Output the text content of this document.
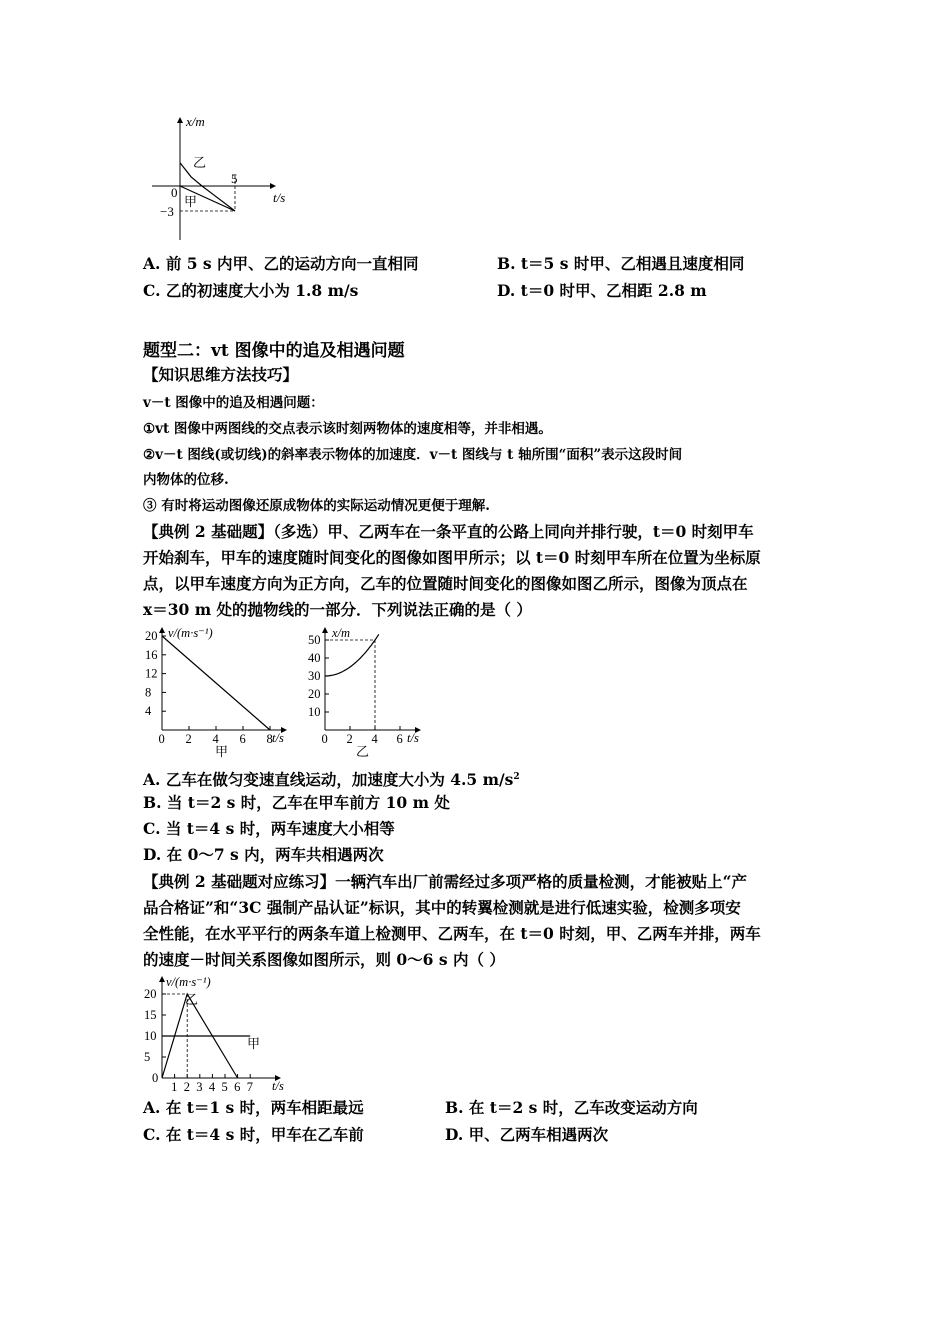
x/m
t/s
乙
甲
0
5
−3
A. 前 5 s 内甲、乙的运动方向一直相同	B. t＝5 s 时甲、乙相遇且速度相同
C. 乙的初速度大小为 1.8 m/s	D. t＝0 时甲、乙相距 2.8 m
题型二：vt 图像中的追及相遇问题
【知识思维方法技巧】
v－t 图像中的追及相遇问题：
①vt 图像中两图线的交点表示该时刻两物体的速度相等，并非相遇。
②v－t 图线(或切线)的斜率表示物体的加速度．v－t 图线与 t 轴所围“面积”表示这段时间
内物体的位移.
③ 有时将运动图像还原成物体的实际运动情况更便于理解.
【典例 2 基础题】（多选）甲、乙两车在一条平直的公路上同向并排行驶，t＝0 时刻甲车
开始刹车，甲车的速度随时间变化的图像如图甲所示；以 t＝0 时刻甲车所在位置为坐标原
点，以甲车速度方向为正方向，乙车的位置随时间变化的图像如图乙所示，图像为顶点在
x＝30 m 处的抛物线的一部分．下列说法正确的是（ ）
v/(m·s⁻¹)
t/s
甲
20
16
12
8
4
0 2 4 6 8
x/m
t/s
乙
50
40
30
20
10
0 2 4 6
A. 乙车在做匀变速直线运动，加速度大小为 4.5 $m/s^2$
B. 当 t＝2 s 时，乙车在甲车前方 10 m 处
C. 当 t＝4 s 时，两车速度大小相等
D. 在 0～7 s 内，两车共相遇两次
【典例 2 基础题对应练习】一辆汽车出厂前需经过多项严格的质量检测，才能被贴上“产
品合格证”和“3C 强制产品认证”标识，其中的转翼检测就是进行低速实验，检测多项安
全性能，在水平平行的两条车道上检测甲、乙两车，在 t＝0 时刻，甲、乙两车并排，两车
的速度－时间关系图像如图所示，则 0～6 s 内（ ）
v/(m·s⁻¹)
t/s
乙
甲
0
20
15
10
5
1 2 3 4 5 6 7
A. 在 t＝1 s 时，两车相距最远	B. 在 t＝2 s 时，乙车改变运动方向
C. 在 t＝4 s 时，甲车在乙车前	D. 甲、乙两车相遇两次
